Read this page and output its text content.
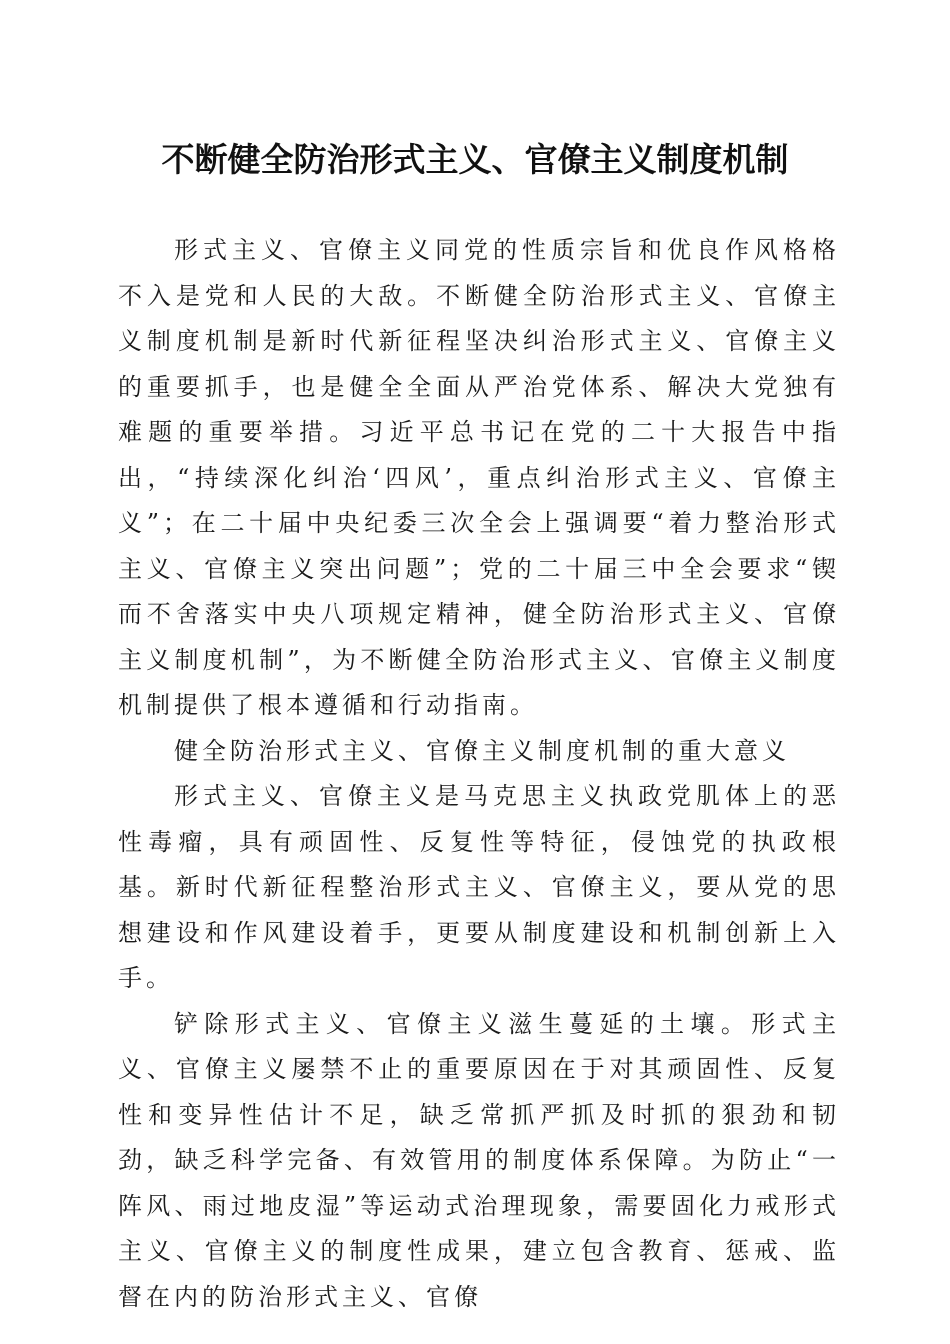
不断健全防治形式主义、官僚主义制度机制

形式主义、官僚主义同党的性质宗旨和优良作风格格不入是党和人民的大敌。不断健全防治形式主义、官僚主义制度机制是新时代新征程坚决纠治形式主义、官僚主义的重要抓手，也是健全全面从严治党体系、解决大党独有难题的重要举措。习近平总书记在党的二十大报告中指出，“持续深化纠治‘四风’，重点纠治形式主义、官僚主义”；在二十届中央纪委三次全会上强调要“着力整治形式主义、官僚主义突出问题”；党的二十届三中全会要求“锲而不舍落实中央八项规定精神，健全防治形式主义、官僚主义制度机制”，为不断健全防治形式主义、官僚主义制度机制提供了根本遵循和行动指南。

健全防治形式主义、官僚主义制度机制的重大意义

形式主义、官僚主义是马克思主义执政党肌体上的恶性毒瘤，具有顽固性、反复性等特征，侵蚀党的执政根基。新时代新征程整治形式主义、官僚主义，要从党的思想建设和作风建设着手，更要从制度建设和机制创新上入手。

铲除形式主义、官僚主义滋生蔓延的土壤。形式主义、官僚主义屡禁不止的重要原因在于对其顽固性、反复性和变异性估计不足，缺乏常抓严抓及时抓的狠劲和韧劲，缺乏科学完备、有效管用的制度体系保障。为防止“一阵风、雨过地皮湿”等运动式治理现象，需要固化力戒形式主义、官僚主义的制度性成果，建立包含教育、惩戒、监督在内的防治形式主义、官僚
